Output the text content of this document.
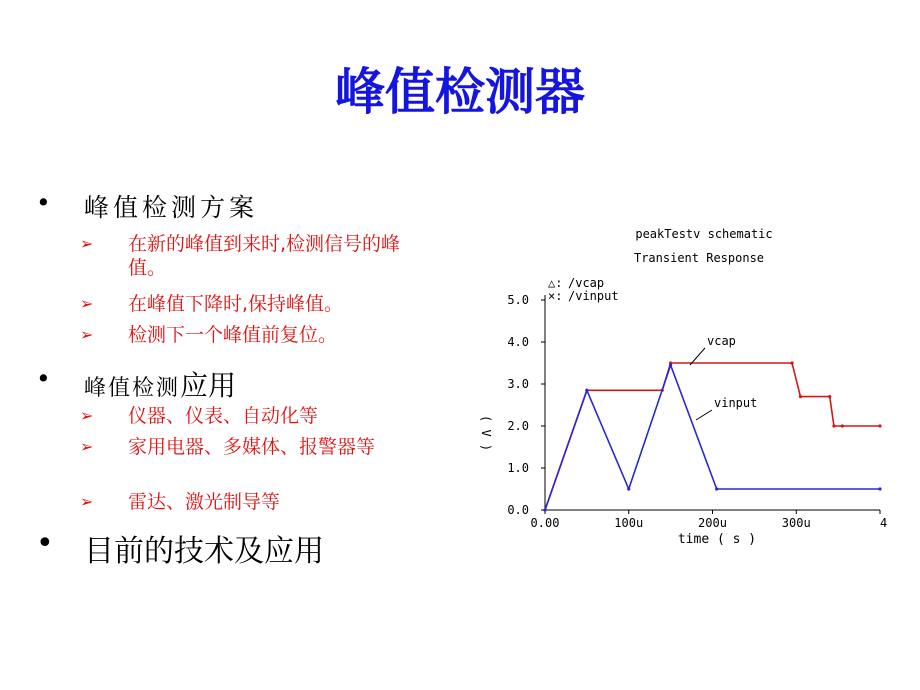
峰值检测器
• 峰值检测方案
➢ 在新的峰值到来时,检测信号的峰值。
➢ 在峰值下降时,保持峰值。
➢ 检测下一个峰值前复位。
• 峰值检测应用
➢ 仪器、仪表、自动化等
➢ 家用电器、多媒体、报警器等
➢ 雷达、激光制导等
• 目前的技术及应用
peakTestv schematic
Transient Response
△: /vcap
×: /vinput
( V )
time ( s )
0.0
1.0
2.0
3.0
4.0
5.0
0.00	100u	200u	300u	4
vcap
vinput
